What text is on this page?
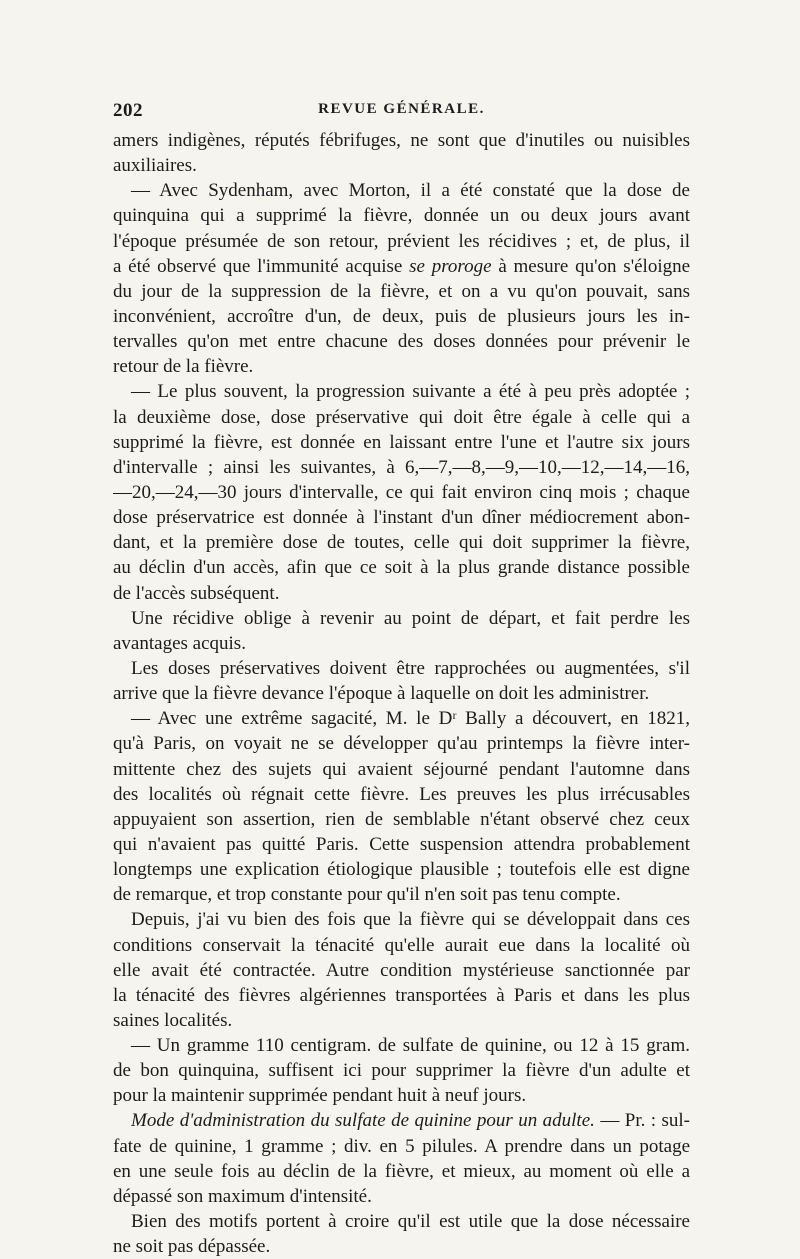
202	REVUE GÉNÉRALE.
amers indigènes, réputés fébrifuges, ne sont que d'inutiles ou nuisibles
auxiliaires.
— Avec Sydenham, avec Morton, il a été constaté que la dose de
quinquina qui a supprimé la fièvre, donnée un ou deux jours avant
l'époque présumée de son retour, prévient les récidives ; et, de plus, il
a été observé que l'immunité acquise se proroge à mesure qu'on s'éloigne
du jour de la suppression de la fièvre, et on a vu qu'on pouvait, sans
inconvénient, accroître d'un, de deux, puis de plusieurs jours les in-
tervalles qu'on met entre chacune des doses données pour prévenir le
retour de la fièvre.
— Le plus souvent, la progression suivante a été à peu près adoptée ;
la deuxième dose, dose préservative qui doit être égale à celle qui a
supprimé la fièvre, est donnée en laissant entre l'une et l'autre six jours
d'intervalle ; ainsi les suivantes, à 6,—7,—8,—9,—10,—12,—14,—16,
—20,—24,—30 jours d'intervalle, ce qui fait environ cinq mois ; chaque
dose préservatrice est donnée à l'instant d'un dîner médiocrement abon-
dant, et la première dose de toutes, celle qui doit supprimer la fièvre,
au déclin d'un accès, afin que ce soit à la plus grande distance possible
de l'accès subséquent.
Une récidive oblige à revenir au point de départ, et fait perdre les
avantages acquis.
Les doses préservatives doivent être rapprochées ou augmentées, s'il
arrive que la fièvre devance l'époque à laquelle on doit les administrer.
— Avec une extrême sagacité, M. le Dʳ Bally a découvert, en 1821,
qu'à Paris, on voyait ne se développer qu'au printemps la fièvre inter-
mittente chez des sujets qui avaient séjourné pendant l'automne dans
des localités où régnait cette fièvre. Les preuves les plus irrécusables
appuyaient son assertion, rien de semblable n'étant observé chez ceux
qui n'avaient pas quitté Paris. Cette suspension attendra probablement
longtemps une explication étiologique plausible ; toutefois elle est digne
de remarque, et trop constante pour qu'il n'en soit pas tenu compte.
Depuis, j'ai vu bien des fois que la fièvre qui se développait dans ces
conditions conservait la ténacité qu'elle aurait eue dans la localité où
elle avait été contractée. Autre condition mystérieuse sanctionnée par
la ténacité des fièvres algériennes transportées à Paris et dans les plus
saines localités.
— Un gramme 110 centigram. de sulfate de quinine, ou 12 à 15 gram.
de bon quinquina, suffisent ici pour supprimer la fièvre d'un adulte et
pour la maintenir supprimée pendant huit à neuf jours.
Mode d'administration du sulfate de quinine pour un adulte. — Pr. : sul-
fate de quinine, 1 gramme ; div. en 5 pilules. A prendre dans un potage
en une seule fois au déclin de la fièvre, et mieux, au moment où elle a
dépassé son maximum d'intensité.
Bien des motifs portent à croire qu'il est utile que la dose nécessaire
ne soit pas dépassée.
